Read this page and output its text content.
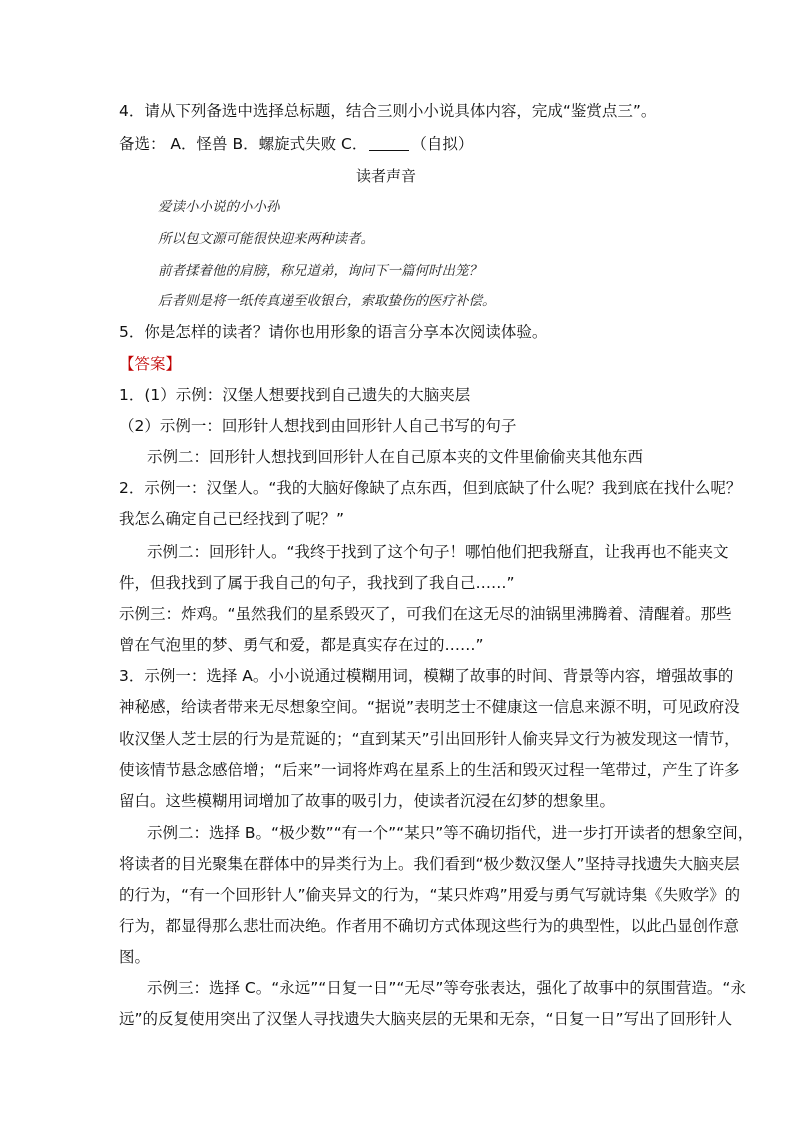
4．请从下列备选中选择总标题，结合三则小小说具体内容，完成“鉴赏点三”。
备选： A．怪兽 B．螺旋式失败 C．	（自拟）
读者声音
爱读小小说的小小孙
所以包文源可能很快迎来两种读者。
前者揉着他的肩膀，称兄道弟，询问下一篇何时出笼？
后者则是将一纸传真递至收银台，索取蛰伤的医疗补偿。
5．你是怎样的读者？请你也用形象的语言分享本次阅读体验。
【答案】
1．(1）示例：汉堡人想要找到自己遗失的大脑夹层
（2）示例一：回形针人想找到由回形针人自己书写的句子
示例二：回形针人想找到回形针人在自己原本夹的文件里偷偷夹其他东西
2．示例一：汉堡人。“我的大脑好像缺了点东西，但到底缺了什么呢？我到底在找什么呢？
我怎么确定自己已经找到了呢？”
示例二：回形针人。“我终于找到了这个句子！哪怕他们把我掰直，让我再也不能夹文
件，但我找到了属于我自己的句子，我找到了我自己……”
示例三：炸鸡。“虽然我们的星系毁灭了，可我们在这无尽的油锅里沸腾着、清醒着。那些
曾在气泡里的梦、勇气和爱，都是真实存在过的……”
3．示例一：选择 A。小小说通过模糊用词，模糊了故事的时间、背景等内容，增强故事的
神秘感，给读者带来无尽想象空间。“据说”表明芝士不健康这一信息来源不明，可见政府没
收汉堡人芝士层的行为是荒诞的；“直到某天”引出回形针人偷夹异文行为被发现这一情节，
使该情节悬念感倍增；“后来”一词将炸鸡在星系上的生活和毁灭过程一笔带过，产生了许多
留白。这些模糊用词增加了故事的吸引力，使读者沉浸在幻梦的想象里。
示例二：选择 B。“极少数”“有一个”“某只”等不确切指代，进一步打开读者的想象空间，
将读者的目光聚集在群体中的异类行为上。我们看到“极少数汉堡人”坚持寻找遗失大脑夹层
的行为，“有一个回形针人”偷夹异文的行为，“某只炸鸡”用爱与勇气写就诗集《失败学》的
行为，都显得那么悲壮而决绝。作者用不确切方式体现这些行为的典型性，以此凸显创作意
图。
示例三：选择 C。“永远”“日复一日”“无尽”等夸张表达，强化了故事中的氛围营造。“永
远”的反复使用突出了汉堡人寻找遗失大脑夹层的无果和无奈，“日复一日”写出了回形针人
